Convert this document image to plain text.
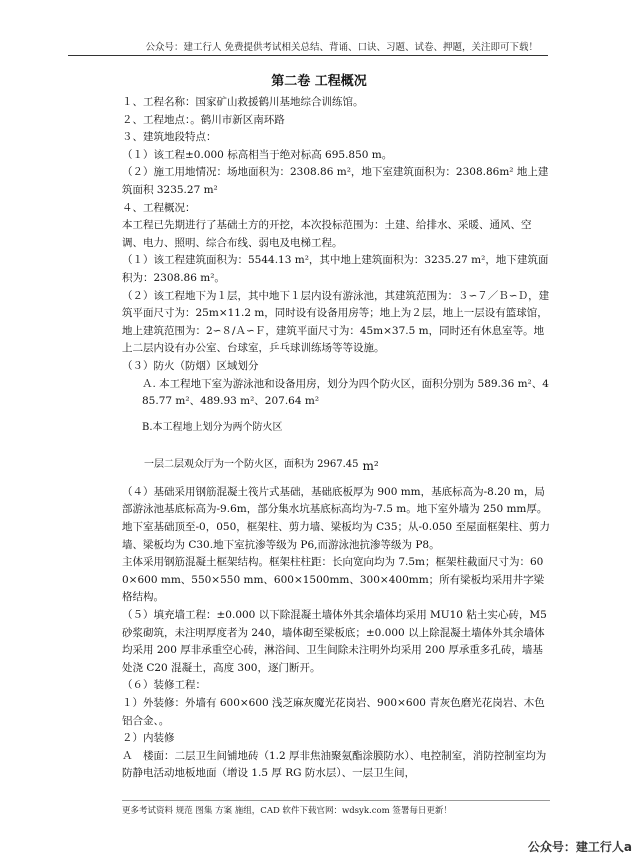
公众号：建工行人 免费提供考试相关总结、背诵、口诀、习题、试卷、押题，关注即可下载！
第二卷 工程概况

１、工程名称：国家矿山救援鹤川基地综合训练馆。

２、工程地点：。鹤川市新区南环路

３、建筑地段特点：

（１）该工程±0.000 标高相当于绝对标高 695.850 m。

（２）施工用地情况：场地面积为：2308.86 m²，地下室建筑面积为：2308.86m² 地上建筑面积 3235.27 m²

４、工程概况：

本工程已先期进行了基础土方的开挖，本次投标范围为：土建、给排水、采暖、通风、空调、电力、照明、综合布线、弱电及电梯工程。

（１）该工程建筑面积为：5544.13 m²，其中地上建筑面积为：3235.27 m²，地下建筑面积为：2308.86 m²。

（２）该工程地下为１层，其中地下１层内设有游泳池，其建筑范围为：３∽７／Ｂ∽Ｄ，建筑平面尺寸为：25m×11.2 m，同时设有设备用房等；地上为２层，地上一层设有篮球馆，地上建筑范围为：2∽８/Ａ∽Ｆ，建筑平面尺寸为：45m×37.5 m，同时还有休息室等。地上二层内设有办公室、台球室，乒乓球训练场等等设施。

（３）防火（防烟）区域划分

Ａ. 本工程地下室为游泳池和设备用房，划分为四个防火区，面积分别为 589.36 m²、485.77 m²、489.93 m²、207.64 m²

B.本工程地上划分为两个防火区

一层二层观众厅为一个防火区，面积为 2967.45 m²

（４）基础采用钢筋混凝土筏片式基础，基础底板厚为 900 mm，基底标高为-8.20 m，局部游泳池基底标高为-9.6m，部分集水坑基底标高均为-7.5 m。地下室外墙为 250 mm厚。地下室基础顶至-0，050，框架柱、剪力墙、梁板均为 C35；从-0.050 至屋面框架柱、剪力墙、梁板均为 C30.地下室抗渗等级为 P6,而游泳池抗渗等级为 P8。

主体采用钢筋混凝土框架结构。框架柱柱距：长向宽向均为 7.5m；框架柱截面尺寸为：600×600 mm、550×550 mm、600×1500mm、300×400mm；所有梁板均采用井字梁格结构。

（５）填充墙工程：±0.000 以下除混凝土墙体外其余墙体均采用 MU10 粘土实心砖，M5 砂浆砌筑，未注明厚度者为 240，墙体砌至梁板底；±0.000 以上除混凝土墙体外其余墙体均采用 200 厚非承重空心砖，淋浴间、卫生间除未注明外均采用 200 厚承重多孔砖，墙基处浇 C20 混凝土，高度 300，逐门断开。

（６）装修工程：

１）外装修：外墙有 600×600 浅芝麻灰魔光花岗岩、900×600 青灰色磨光花岗岩、木色铝合金、。

２）内装修

Ａ　楼面：二层卫生间铺地砖（1.2 厚非焦油聚氨酯涂膜防水）、电控制室，消防控制室均为防静电活动地板地面（增设 1.5 厚 RG 防水层）、一层卫生间，

更多考试资料 规范 图集 方案 施组，CAD 软件下载官网：wdsyk.com 签署每日更新！
公众号：建工行人a
